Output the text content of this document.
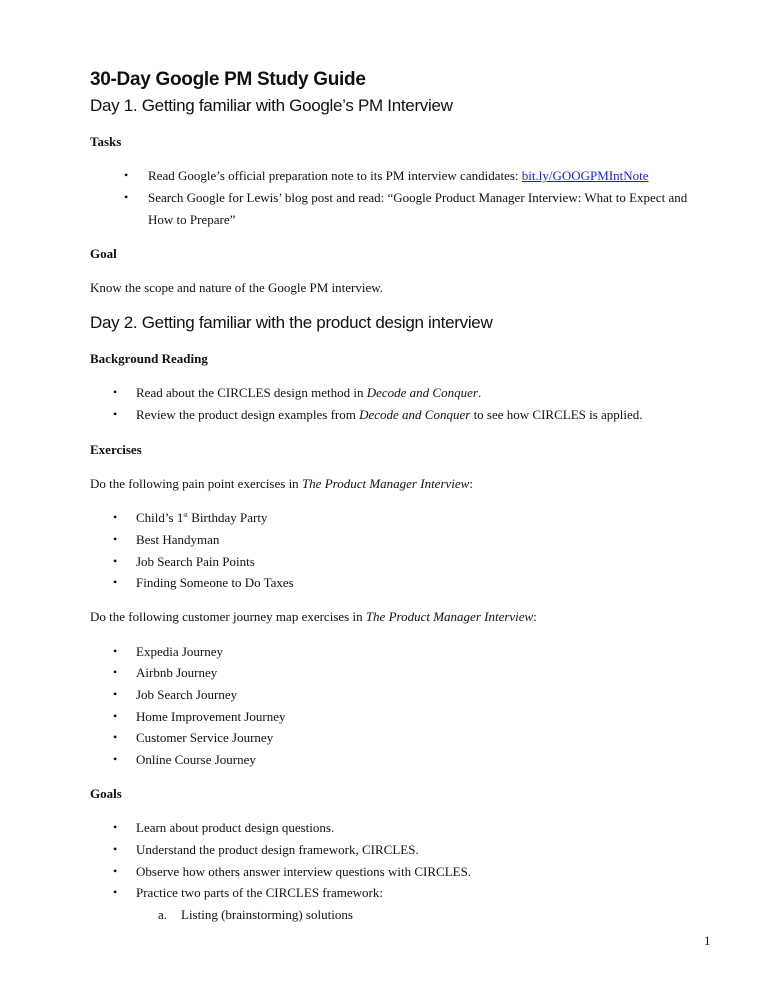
30-Day Google PM Study Guide
Day 1. Getting familiar with Google’s PM Interview
Tasks
• Read Google’s official preparation note to its PM interview candidates: bit.ly/GOOGPMIntNote
• Search Google for Lewis’ blog post and read: “Google Product Manager Interview: What to Expect and
How to Prepare”
Goal
Know the scope and nature of the Google PM interview.
Day 2. Getting familiar with the product design interview
Background Reading
• Read about the CIRCLES design method in Decode and Conquer.
• Review the product design examples from Decode and Conquer to see how CIRCLES is applied.
Exercises
Do the following pain point exercises in The Product Manager Interview:
• Child’s 1st Birthday Party
• Best Handyman
• Job Search Pain Points
• Finding Someone to Do Taxes
Do the following customer journey map exercises in The Product Manager Interview:
• Expedia Journey
• Airbnb Journey
• Job Search Journey
• Home Improvement Journey
• Customer Service Journey
• Online Course Journey
Goals
• Learn about product design questions.
• Understand the product design framework, CIRCLES.
• Observe how others answer interview questions with CIRCLES.
• Practice two parts of the CIRCLES framework:
a. Listing (brainstorming) solutions
1
